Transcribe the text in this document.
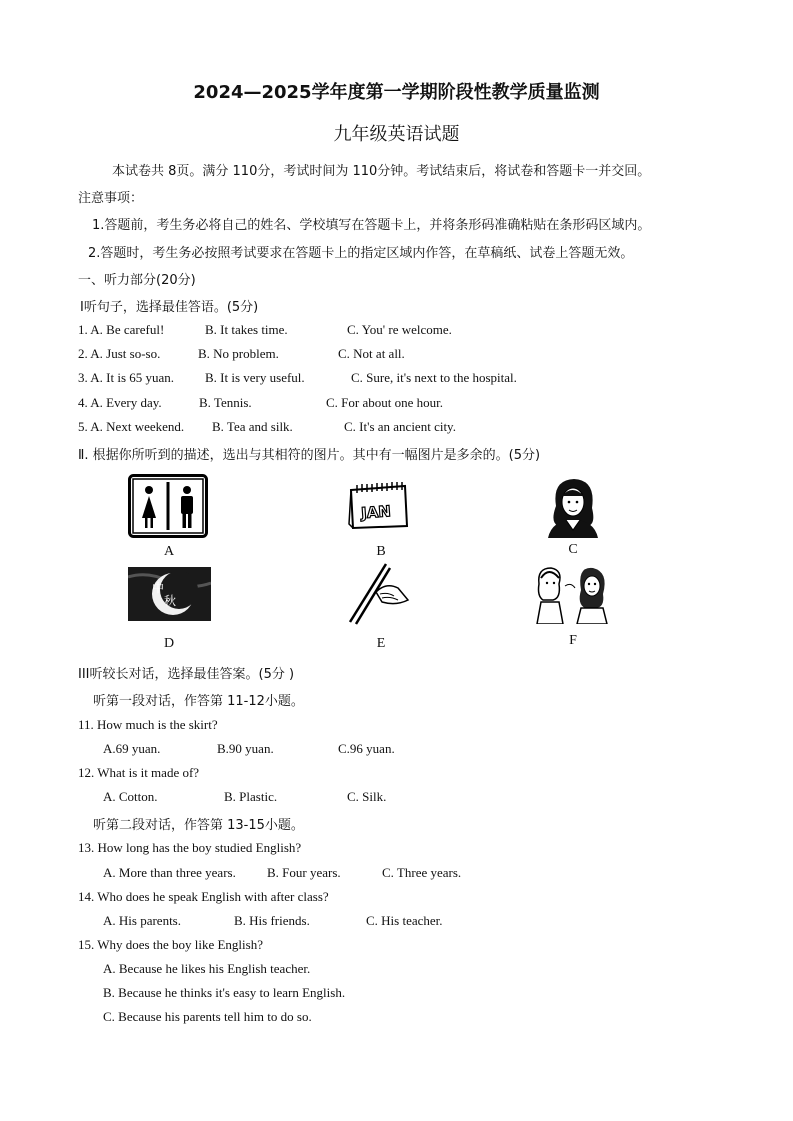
2024—2025学年度第一学期阶段性教学质量监测
九年级英语试题
本试卷共 8页。满分 110分，考试时间为 110分钟。考试结束后，将试卷和答题卡一并交回。
注意事项：
1.答题前，考生务必将自己的姓名、学校填写在答题卡上，并将条形码准确粘贴在条形码区域内。
2.答题时，考生务必按照考试要求在答题卡上的指定区域内作答，在草稿纸、试卷上答题无效。
一、听力部分(20分)
Ⅰ听句子，选择最佳答语。(5分)
1. A. Be careful!	B. It takes time.	C. You' re welcome.
2. A. Just so-so.	B. No problem.	C. Not at all.
3. A. It is 65 yuan. B. It is very useful.	C. Sure, it's next to the hospital.
4. A. Every day.	B. Tennis.	C. For about one hour.
5. A. Next weekend. B. Tea and silk.	C. It's an ancient city.
Ⅱ. 根据你所听到的描述，选出与其相符的图片。其中有一幅图片是多余的。(5分)
A
JAN
B	C
中
秋
D	E	F
III听较长对话，选择最佳答案。(5分 )
听第一段对话，作答第 11-12小题。
11. How much is the skirt?
A.69 yuan.	B.90 yuan.	C.96 yuan.
12. What is it made of?
A. Cotton.	B. Plastic.	C. Silk.
听第二段对话，作答第 13-15小题。
13. How long has the boy studied English?
A. More than three years. B. Four years.	C. Three years.
14. Who does he speak English with after class?
A. His parents.	B. His friends.	C. His teacher.
15. Why does the boy like English?
A. Because he likes his English teacher.
B. Because he thinks it's easy to learn English.
C. Because his parents tell him to do so.
